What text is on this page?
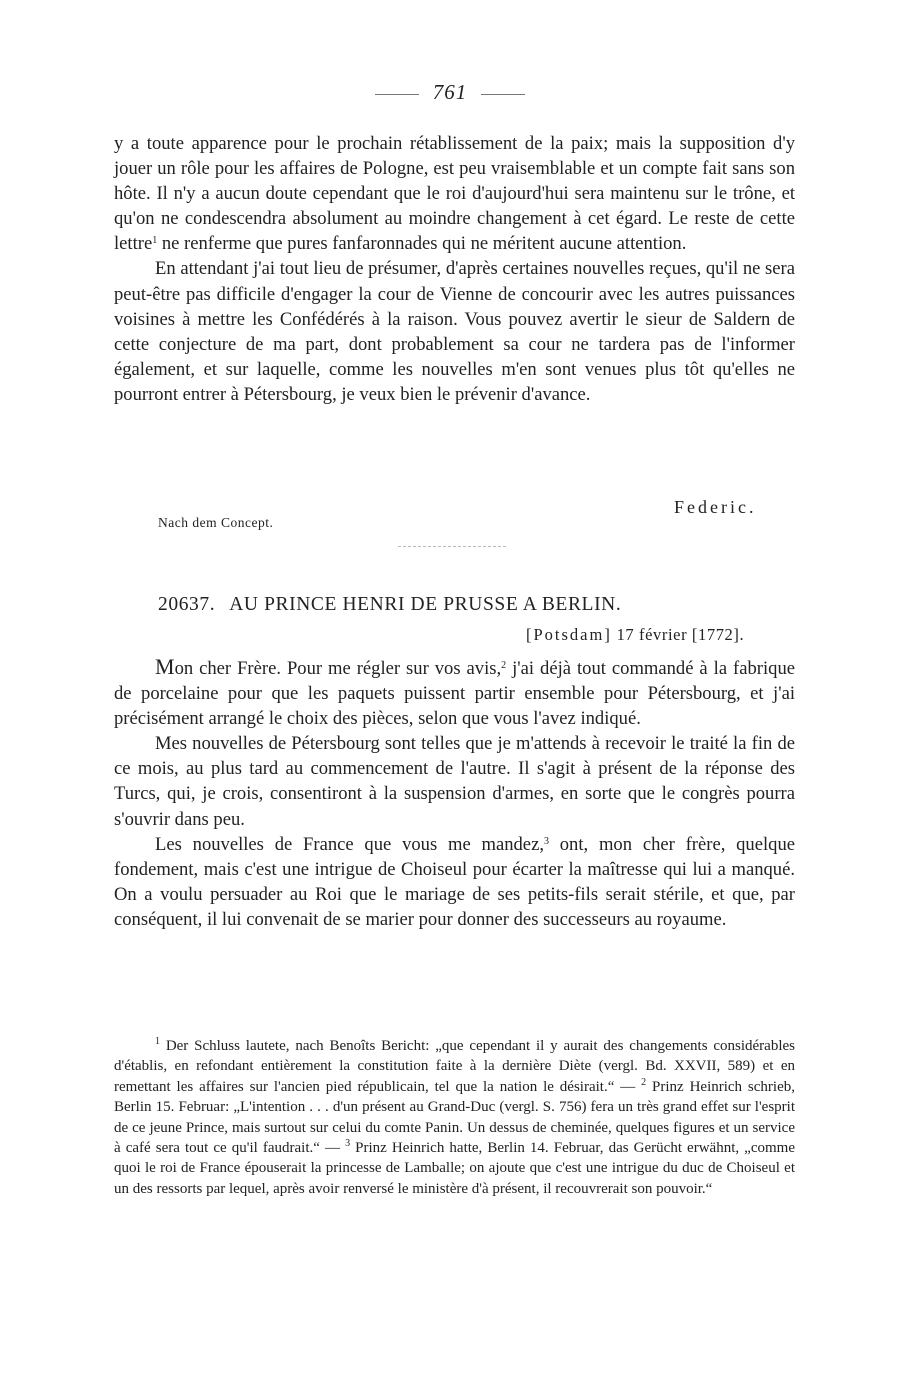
761

y a toute apparence pour le prochain rétablissement de la paix; mais la supposition d'y jouer un rôle pour les affaires de Pologne, est peu vraisemblable et un compte fait sans son hôte. Il n'y a aucun doute cependant que le roi d'aujourd'hui sera maintenu sur le trône, et qu'on ne condescendra absolument au moindre changement à cet égard. Le reste de cette lettre$^1$ ne renferme que pures fanfaronnades qui ne méritent aucune attention.

En attendant j'ai tout lieu de présumer, d'après certaines nouvelles reçues, qu'il ne sera peut-être pas difficile d'engager la cour de Vienne de concourir avec les autres puissances voisines à mettre les Confédérés à la raison. Vous pouvez avertir le sieur de Saldern de cette conjecture de ma part, dont probablement sa cour ne tardera pas de l'informer également, et sur laquelle, comme les nouvelles m'en sont venues plus tôt qu'elles ne pourront entrer à Pétersbourg, je veux bien le prévenir d'avance.

Federic.
Nach dem Concept.
20637. AU PRINCE HENRI DE PRUSSE A BERLIN.
[Potsdam] 17 février [1772].

Mon cher Frère. Pour me régler sur vos avis,$^2$ j'ai déjà tout commandé à la fabrique de porcelaine pour que les paquets puissent partir ensemble pour Pétersbourg, et j'ai précisément arrangé le choix des pièces, selon que vous l'avez indiqué.

Mes nouvelles de Pétersbourg sont telles que je m'attends à recevoir le traité la fin de ce mois, au plus tard au commencement de l'autre. Il s'agit à présent de la réponse des Turcs, qui, je crois, consentiront à la suspension d'armes, en sorte que le congrès pourra s'ouvrir dans peu.

Les nouvelles de France que vous me mandez,$^3$ ont, mon cher frère, quelque fondement, mais c'est une intrigue de Choiseul pour écarter la maîtresse qui lui a manqué. On a voulu persuader au Roi que le mariage de ses petits-fils serait stérile, et que, par conséquent, il lui convenait de se marier pour donner des successeurs au royaume.

$^1$ Der Schluss lautete, nach Benoîts Bericht: „que cependant il y aurait des changements considérables d'établis, en refondant entièrement la constitution faite à la dernière Diète (vergl. Bd. XXVII, 589) et en remettant les affaires sur l'ancien pied républicain, tel que la nation le désirait.“ — $^2$ Prinz Heinrich schrieb, Berlin 15. Februar: „L'intention . . . d'un présent au Grand-Duc (vergl. S. 756) fera un très grand effet sur l'esprit de ce jeune Prince, mais surtout sur celui du comte Panin. Un dessus de cheminée, quelques figures et un service à café sera tout ce qu'il faudrait.“ — $^3$ Prinz Heinrich hatte, Berlin 14. Februar, das Gerücht erwähnt, „comme quoi le roi de France épouserait la princesse de Lamballe; on ajoute que c'est une intrigue du duc de Choiseul et un des ressorts par lequel, après avoir renversé le ministère d'à présent, il recouvrerait son pouvoir.“
